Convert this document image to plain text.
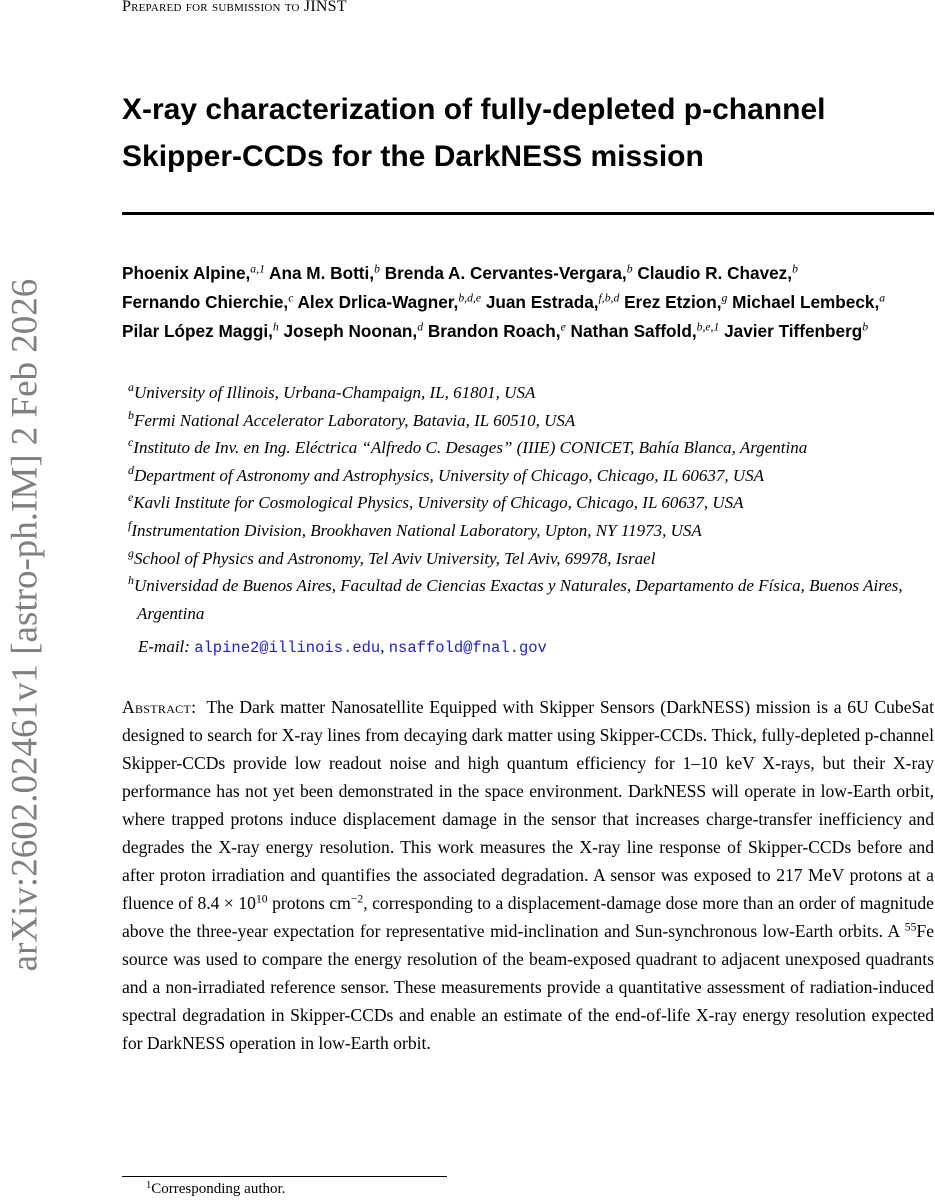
arXiv:2602.02461v1 [astro-ph.IM] 2 Feb 2026
Prepared for submission to JINST
X-ray characterization of fully-depleted p-channel
Skipper-CCDs for the DarkNESS mission

Phoenix Alpine,$^{a,1}$ Ana M. Botti,$^b$ Brenda A. Cervantes-Vergara,$^b$ Claudio R. Chavez,$^b$ Fernando Chierchie,$^c$ Alex Drlica-Wagner,$^{b,d,e}$ Juan Estrada,$^{f,b,d}$ Erez Etzion,$^g$ Michael Lembeck,$^a$ Pilar López Maggi,$^h$ Joseph Noonan,$^d$ Brandon Roach,$^e$ Nathan Saffold,$^{b,e,1}$ Javier Tiffenberg$^b$

$^a$University of Illinois, Urbana-Champaign, IL, 61801, USA
$^b$Fermi National Accelerator Laboratory, Batavia, IL 60510, USA
$^c$Instituto de Inv. en Ing. Eléctrica “Alfredo C. Desages” (IIIE) CONICET, Bahía Blanca, Argentina
$^d$Department of Astronomy and Astrophysics, University of Chicago, Chicago, IL 60637, USA
$^e$Kavli Institute for Cosmological Physics, University of Chicago, Chicago, IL 60637, USA
$^f$Instrumentation Division, Brookhaven National Laboratory, Upton, NY 11973, USA
$^g$School of Physics and Astronomy, Tel Aviv University, Tel Aviv, 69978, Israel
$^h$Universidad de Buenos Aires, Facultad de Ciencias Exactas y Naturales, Departamento de Física, Buenos Aires, Argentina
E-mail: alpine2@illinois.edu, nsaffold@fnal.gov

Abstract: The Dark matter Nanosatellite Equipped with Skipper Sensors (DarkNESS) mission is a 6U CubeSat designed to search for X-ray lines from decaying dark matter using Skipper-CCDs. Thick, fully-depleted p-channel Skipper-CCDs provide low readout noise and high quantum efficiency for 1–10 keV X-rays, but their X-ray performance has not yet been demonstrated in the space environment. DarkNESS will operate in low-Earth orbit, where trapped protons induce displacement damage in the sensor that increases charge-transfer inefficiency and degrades the X-ray energy resolution. This work measures the X-ray line response of Skipper-CCDs before and after proton irradiation and quantifies the associated degradation. A sensor was exposed to 217 MeV protons at a fluence of $8.4 \times 10^{10}$ protons $cm^{-2}$, corresponding to a displacement-damage dose more than an order of magnitude above the three-year expectation for representative mid-inclination and Sun-synchronous low-Earth orbits. A $^{55}$Fe source was used to compare the energy resolution of the beam-exposed quadrant to adjacent unexposed quadrants and a non-irradiated reference sensor. These measurements provide a quantitative assessment of radiation-induced spectral degradation in Skipper-CCDs and enable an estimate of the end-of-life X-ray energy resolution expected for DarkNESS operation in low-Earth orbit.

$^1$Corresponding author.
